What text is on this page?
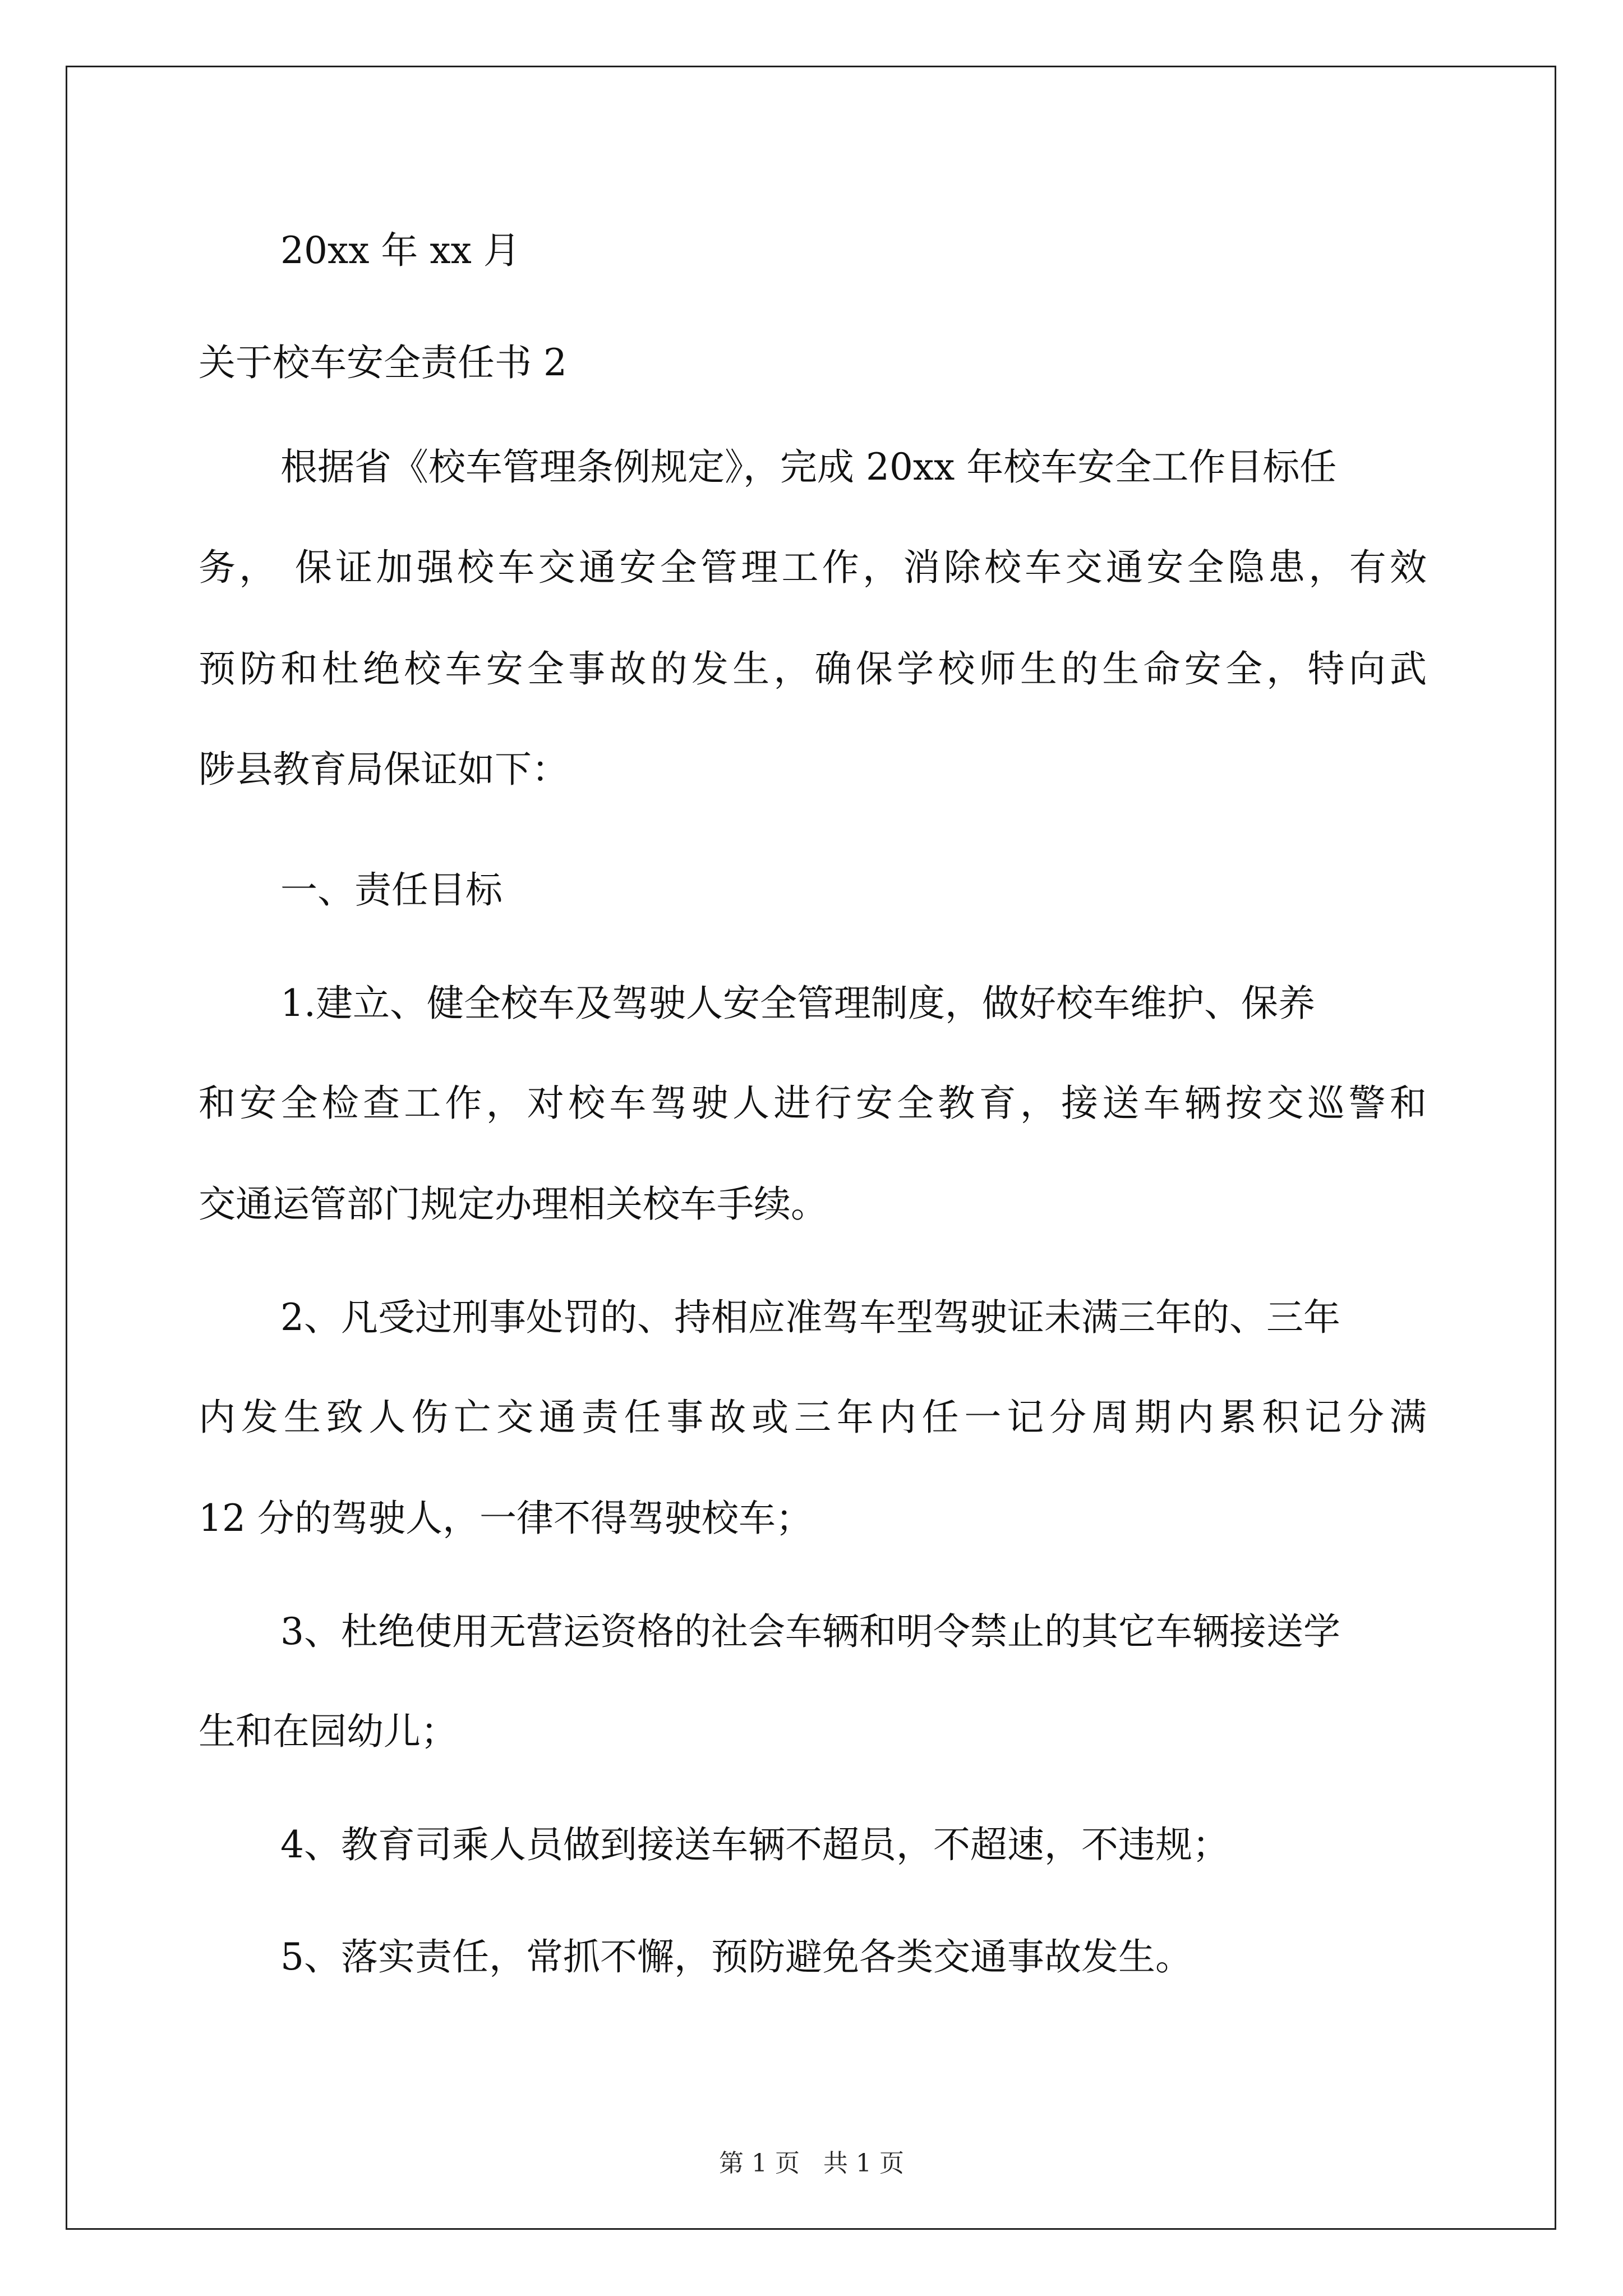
20xx 年 xx 月
关于校车安全责任书 2
根据省《校车管理条例规定》，完成 20xx 年校车安全工作目标任
务， 保证加强校车交通安全管理工作，消除校车交通安全隐患，有效
预防和杜绝校车安全事故的发生，确保学校师生的生命安全，特向武
陟县教育局保证如下：
一、责任目标
1.建立、健全校车及驾驶人安全管理制度，做好校车维护、保养
和安全检查工作，对校车驾驶人进行安全教育，接送车辆按交巡警和
交通运管部门规定办理相关校车手续。
2、凡受过刑事处罚的、持相应准驾车型驾驶证未满三年的、三年
内发生致人伤亡交通责任事故或三年内任一记分周期内累积记分满
12 分的驾驶人，一律不得驾驶校车；
3、杜绝使用无营运资格的社会车辆和明令禁止的其它车辆接送学
生和在园幼儿；
4、教育司乘人员做到接送车辆不超员，不超速，不违规；
5、落实责任，常抓不懈，预防避免各类交通事故发生。
第 1 页 共 1 页
